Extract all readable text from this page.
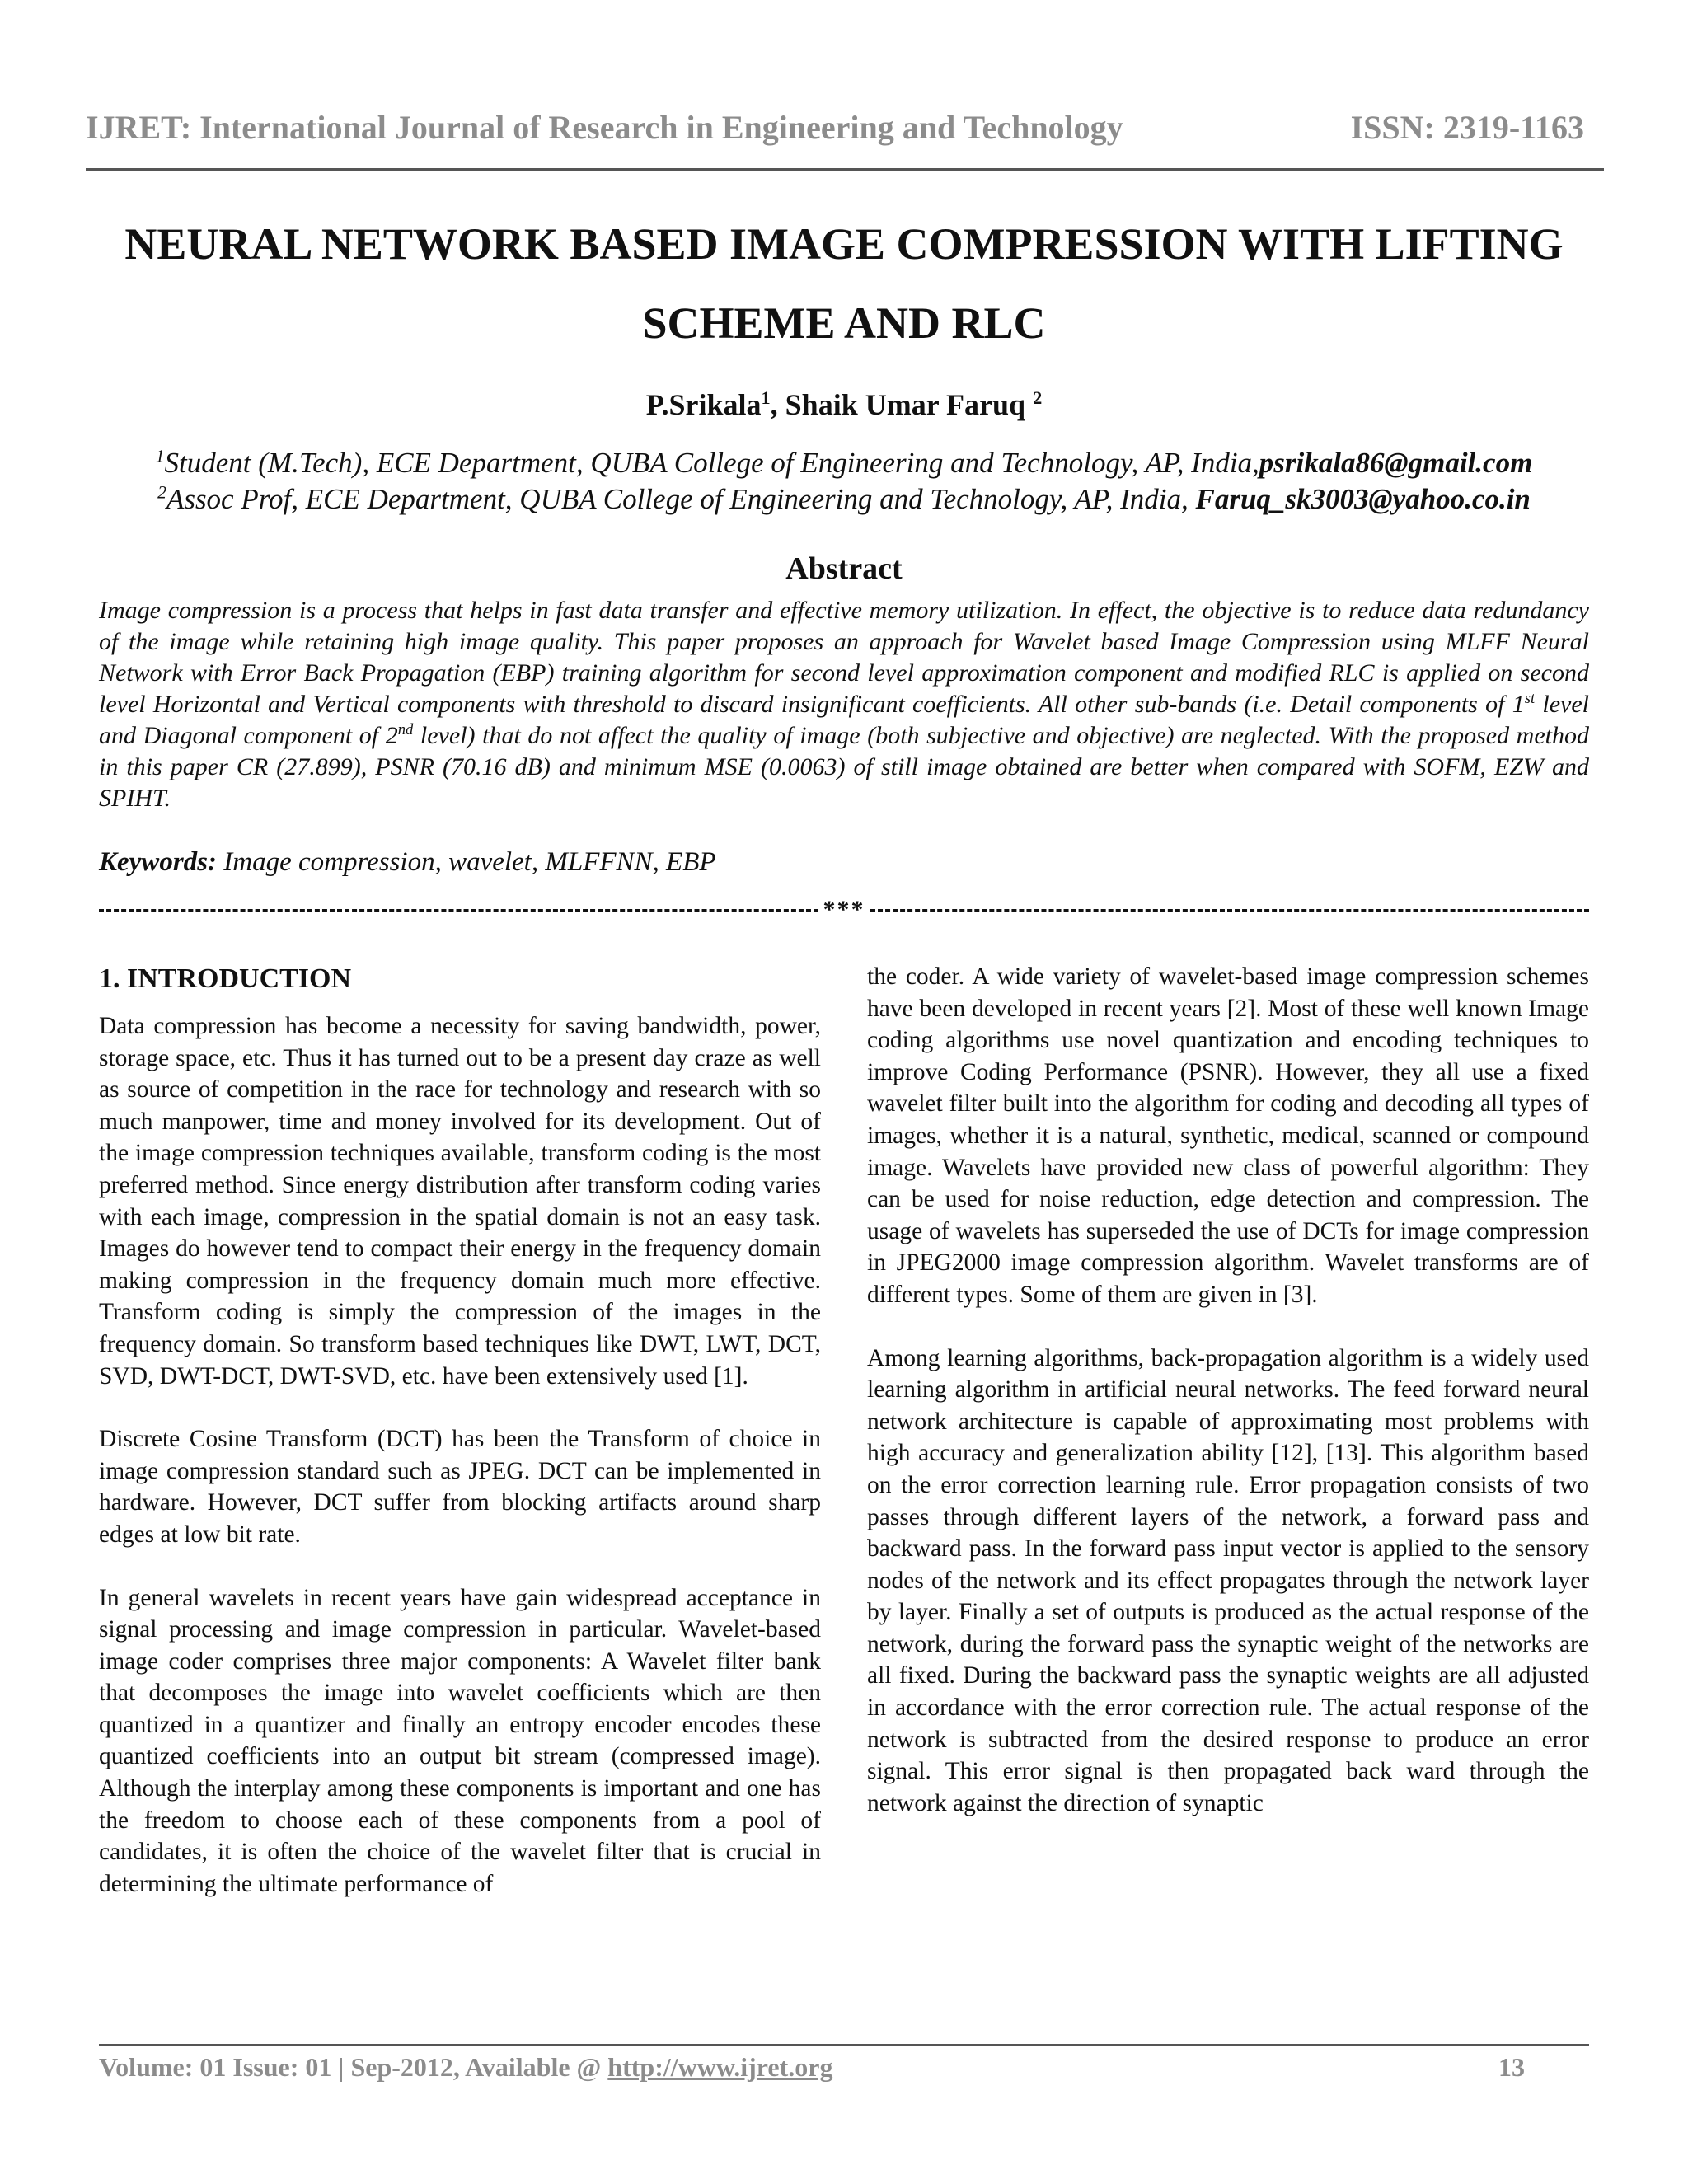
IJRET: International Journal of Research in Engineering and Technology	ISSN: 2319-1163
NEURAL NETWORK BASED IMAGE COMPRESSION WITH LIFTING
SCHEME AND RLC
P.Srikala$^1$, Shaik Umar Faruq $^2$
$^1$Student (M.Tech), ECE Department, QUBA College of Engineering and Technology, AP, India,psrikala86@gmail.com
$^2$Assoc Prof, ECE Department, QUBA College of Engineering and Technology, AP, India, Faruq_sk3003@yahoo.co.in
Abstract
Image compression is a process that helps in fast data transfer and effective memory utilization. In effect, the objective is to reduce data redundancy of the image while retaining high image quality. This paper proposes an approach for Wavelet based Image Compression using MLFF Neural Network with Error Back Propagation (EBP) training algorithm for second level approximation component and modified RLC is applied on second level Horizontal and Vertical components with threshold to discard insignificant coefficients. All other sub-bands (i.e. Detail components of 1st level and Diagonal component of 2nd level) that do not affect the quality of image (both subjective and objective) are neglected. With the proposed method in this paper CR (27.899), PSNR (70.16 dB) and minimum MSE (0.0063) of still image obtained are better when compared with SOFM, EZW and SPIHT.
Keywords: Image compression, wavelet, MLFFNN, EBP
***
1. INTRODUCTION

Data compression has become a necessity for saving bandwidth, power, storage space, etc. Thus it has turned out to be a present day craze as well as source of competition in the race for technology and research with so much manpower, time and money involved for its development. Out of the image compression techniques available, transform coding is the most preferred method. Since energy distribution after transform coding varies with each image, compression in the spatial domain is not an easy task. Images do however tend to compact their energy in the frequency domain making compression in the frequency domain much more effective. Transform coding is simply the compression of the images in the frequency domain. So transform based techniques like DWT, LWT, DCT, SVD, DWT-DCT, DWT-SVD, etc. have been extensively used [1].

Discrete Cosine Transform (DCT) has been the Transform of choice in image compression standard such as JPEG. DCT can be implemented in hardware. However, DCT suffer from blocking artifacts around sharp edges at low bit rate.

In general wavelets in recent years have gain widespread acceptance in signal processing and image compression in particular. Wavelet-based image coder comprises three major components: A Wavelet filter bank that decomposes the image into wavelet coefficients which are then quantized in a quantizer and finally an entropy encoder encodes these quantized coefficients into an output bit stream (compressed image). Although the interplay among these components is important and one has the freedom to choose each of these components from a pool of candidates, it is often the choice of the wavelet filter that is crucial in determining the ultimate performance of

the coder. A wide variety of wavelet-based image compression schemes have been developed in recent years [2]. Most of these well known Image coding algorithms use novel quantization and encoding techniques to improve Coding Performance (PSNR). However, they all use a fixed wavelet filter built into the algorithm for coding and decoding all types of images, whether it is a natural, synthetic, medical, scanned or compound image. Wavelets have provided new class of powerful algorithm: They can be used for noise reduction, edge detection and compression. The usage of wavelets has superseded the use of DCTs for image compression in JPEG2000 image compression algorithm. Wavelet transforms are of different types. Some of them are given in [3].

Among learning algorithms, back-propagation algorithm is a widely used learning algorithm in artificial neural networks. The feed forward neural network architecture is capable of approximating most problems with high accuracy and generalization ability [12], [13]. This algorithm based on the error correction learning rule. Error propagation consists of two passes through different layers of the network, a forward pass and backward pass. In the forward pass input vector is applied to the sensory nodes of the network and its effect propagates through the network layer by layer. Finally a set of outputs is produced as the actual response of the network, during the forward pass the synaptic weight of the networks are all fixed. During the backward pass the synaptic weights are all adjusted in accordance with the error correction rule. The actual response of the network is subtracted from the desired response to produce an error signal. This error signal is then propagated back ward through the network against the direction of synaptic

Volume: 01 Issue: 01 | Sep-2012, Available @ http://www.ijret.org	13
